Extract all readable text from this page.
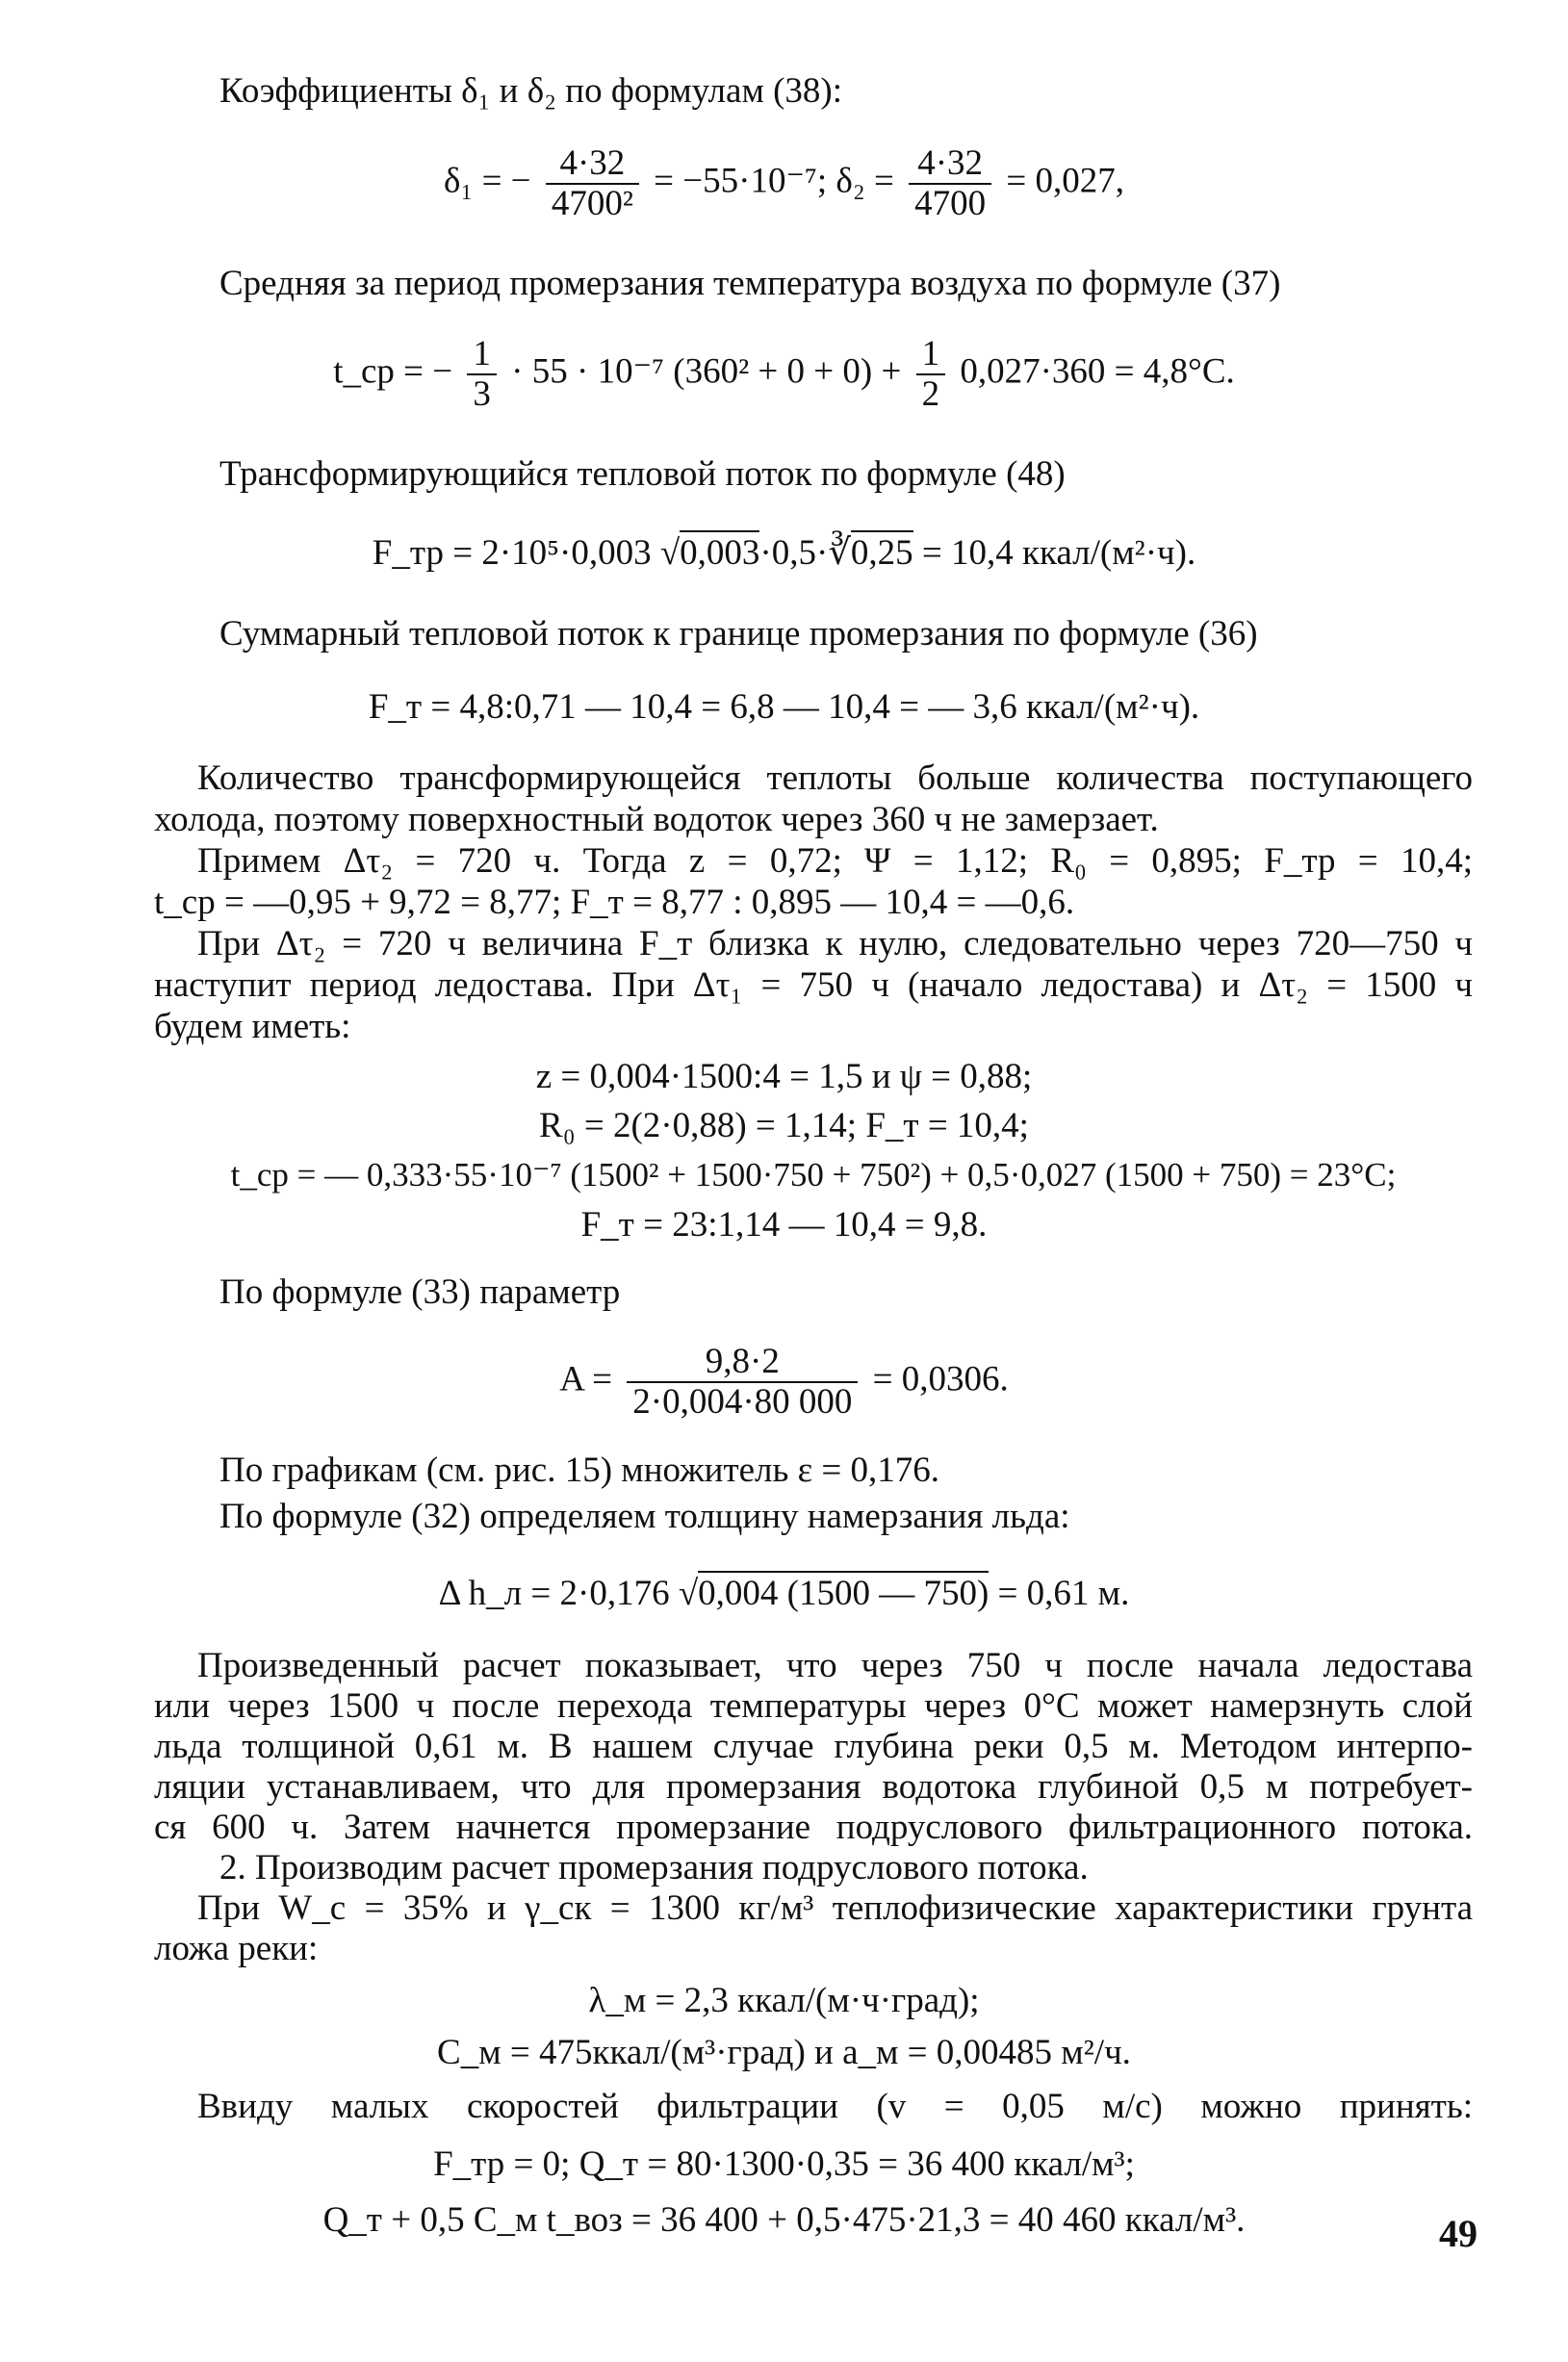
Коэффициенты δ₁ и δ₂ по формулам (38):
δ₁ = − $\frac{4\cdot 32}{\text{4700²}} = -55\cdot 10^{-7}$; $\delta_2 = \frac{4\cdot 32}{4700} = 0,027$,
Средняя за период промерзания температура воздуха по формуле (37)
t_ср = − $\frac{1}{3} \cdot 55 \cdot 10^{-7}$ $(360^2 + 0 + 0) + \frac{1}{2} 0,027\cdot 360 = 4,8^\circ С$.
Трансформирующийся тепловой поток по формуле (48)
F_тр = 2·10⁵·0,003 √0,003·0,5·∛0,25 = 10,4 ккал/(м²·ч).
Суммарный тепловой поток к границе промерзания по формуле (36)
F_т = 4,8:0,71 — 10,4 = 6,8 — 10,4 = — 3,6 ккал/(м²·ч).
Количество трансформирующейся теплоты больше количества поступающего
холода, поэтому поверхностный водоток через 360 ч не замерзает.
Примем Δτ₂ = 720 ч. Тогда z = 0,72; Ψ = 1,12; R₀ = 0,895; F_тр = 10,4;
t_ср = —0,95 + 9,72 = 8,77; F_т = 8,77 : 0,895 — 10,4 = —0,6.
При Δτ₂ = 720 ч величина F_т близка к нулю, следовательно через 720—750 ч
наступит период ледостава. При Δτ₁ = 750 ч (начало ледостава) и Δτ₂ = 1500 ч
будем иметь:
z = 0,004·1500:4 = 1,5 и ψ = 0,88;
R₀ = 2(2·0,88) = 1,14; F_т = 10,4;
t_ср = — 0,333·55·10⁻⁷ (1500² + 1500·750 + 750²) + 0,5·0,027 (1500 + 750) = 23°С;
F_т = 23:1,14 — 10,4 = 9,8.
По формуле (33) параметр
$A = \frac{9,8\cdot 2}{2\cdot 0,004\cdot 80 000} = 0,0306$.
По графикам (см. рис. 15) множитель ε = 0,176.
По формуле (32) определяем толщину намерзания льда:
Δ h_л = 2·0,176 √0,004 (1500 — 750) = 0,61 м.
Произведенный расчет показывает, что через 750 ч после начала ледостава
или через 1500 ч после перехода температуры через 0°С может намерзнуть слой
льда толщиной 0,61 м. В нашем случае глубина реки 0,5 м. Методом интерпо-
ляции устанавливаем, что для промерзания водотока глубиной 0,5 м потребует-
ся 600 ч. Затем начнется промерзание подруслового фильтрационного потока.
2. Производим расчет промерзания подруслового потока.
При W_с = 35% и γ_ск = 1300 кг/м³ теплофизические характеристики грунта
ложа реки:
λ_м = 2,3 ккал/(м·ч·град);
C_м = 475ккал/(м³·град) и a_м = 0,00485 м²/ч.
Ввиду малых скоростей фильтрации (v = 0,05 м/с) можно принять:
F_тр = 0; Q_т = 80·1300·0,35 = 36 400 ккал/м³;
Q_т + 0,5 C_м t_воз = 36 400 + 0,5·475·21,3 = 40 460 ккал/м³.	49
